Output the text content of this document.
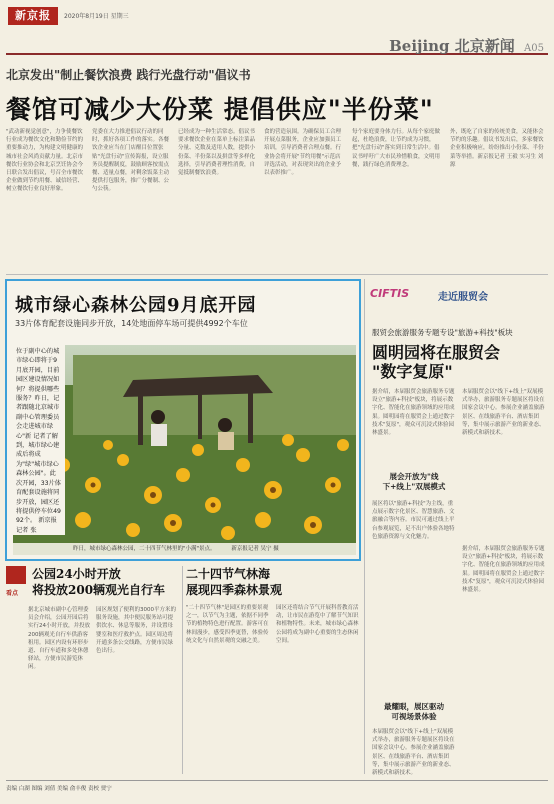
新京报	2020年8月19日 星期三
Beijing 北京新闻 A05
北京发出"制止餐饮浪费 践行光盘行动"倡议书
餐馆可减少大份菜 提倡供应"半份菜"
"武动新视觉创意"，力争使餐饮行业成为餐饮文化和勤俭节约的重要推动力，为构建文明健康的城市社会风尚贡献力量。北京市餐饮行业协会和北京烹饪协会今日联合发出倡议，号召全市餐饮企业做到节约用餐、诚信经营、树立餐饮行业良好形象。
党委在大力推进倡议行动的同时，抓好各项工作的落实。各餐饮企业应当在门店醒目位置张贴"光盘行动"宣传海报，设立服务员提醒制度，鼓励顾客按需点餐、适量点餐，对剩余饭菜主动提供打包服务，推广分餐制、公勺公筷。
已经成为一种生活常态。倡议书要求餐饮企业在菜单上标注菜品分量、克数及适用人数，提供小份菜、半份菜以及拼盘等多样化选择，引导消费者理性消费，自觉抵制餐饮浪费。
食的营造氛围。为确保员工合理开展点菜服务，企业应加强员工培训，引导消费者合理点餐。行业协会将开展"节约用餐"示范店评选活动，对表现突出的企业予以表彰推广。
每个家庭要身体力行。从每个家庭做起，杜绝浪费，让节约成为习惯，把"光盘行动"落实到日常生活中。倡议书呼吁广大市民珍惜粮食，文明用餐，践行绿色消费理念。
外，既吃了自家的传统美食，又能体会节约的乐趣。倡议书发出后，多家餐饮企业积极响应，纷纷推出小份菜、半份菜等举措。新京报记者 王毅 实习生 刘源
城市绿心森林公园9月底开园
33片体育配套设施同步开放，14处地面停车场可提供4992个车位
昨日，城市绿心森林公园，二十四节气林里的"小满"景点。	新京报记者 吴宁 摄
位于副中心的城市绿心即将于9月底开园，目前园区建设情况如何？将提供哪些服务？昨日，记者跟随北京城市副中心管理委员会走进城市绿心"新 记者了解到，城市绿心建成后将成为"绿"城市绿心森林公园"。此次开园，33片体育配套设施将同步开放，园区还将提供停车位4992个。 新京报记者 张
CIFTIS	走近服贸会
服贸会旅游服务专题专设"旅游+科技"板块
圆明园将在服贸会
"数字复原"
据介绍，本届服贸会旅游服务专题设立"旅游+科技"板块，将展示数字化、智能化在旅游领域的应用成果。圆明园将在服贸会上通过数字技术"复原"，观众可沉浸式体验园林盛景。
本届服贸会以"线下+线上"双展模式举办，旅游服务专题展区将设在国家会议中心。参展企业涵盖旅游景区、在线旅游平台、酒店集团等，集中展示旅游产业的新业态、新模式和新技术。
展会开放为"线
下+线上"双展模式
展区将以"旅游+科技"为主线，重点展示数字化景区、智慧旅游、文旅融合等内容。市民可通过线上平台参观展览，足不出户体验各地特色旅游资源与文化魅力。
据介绍，本届服贸会旅游服务专题设立"旅游+科技"板块，将展示数字化、智能化在旅游领域的应用成果。圆明园将在服贸会上通过数字技术"复原"，观众可沉浸式体验园林盛景。
最耀眼，展区驱动
可视场景体验
本届服贸会以"线下+线上"双展模式举办，旅游服务专题展区将设在国家会议中心。参展企业涵盖旅游景区、在线旅游平台、酒店集团等，集中展示旅游产业的新业态、新模式和新技术。
公园24小时开放
将投放200辆观光自行车
看点
二十四节气林海
展现四季森林景观
据北京城市副中心管理委员会介绍，公园开园后将实行24小时开放，并投放200辆观光自行车供游客租用。园区内设有环形步道、自行车道和多处休憩驿站，方便市民游览休闲。
园区规划了便利的3000平方米的服务设施，其中便民服务站可提供饮水、休息等服务，并设置母婴室和医疗救护点。园区周边将开通多条公交线路，方便市民绿色出行。
"二十四节气林"是园区的重要景观之一，以节气为主题，依据不同季节的植物特色进行配置。游客可在林间漫步，感受四季更替，体验传统文化与自然景观的交融之美。
园区还将结合节气开展科普教育活动，让市民在游览中了解节气知识和植物特性。未来，城市绿心森林公园将成为副中心重要的生态休闲空间。
责编 白湖 图编 刘倩 美编 俞丰俊 责校 贾宁
